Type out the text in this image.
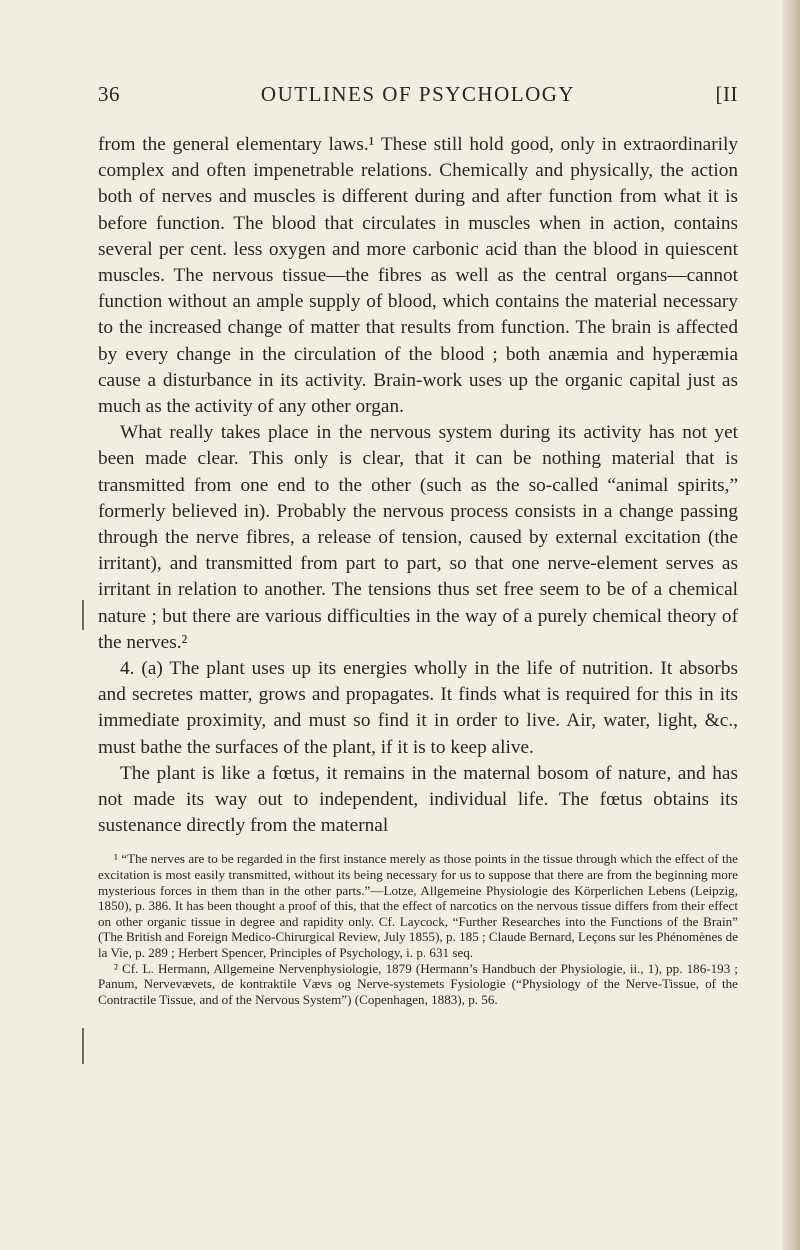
36	OUTLINES OF PSYCHOLOGY	[II

from the general elementary laws.¹ These still hold good, only in extraordinarily complex and often impenetrable relations. Chemically and physically, the action both of nerves and muscles is different during and after function from what it is before function. The blood that circulates in muscles when in action, contains several per cent. less oxygen and more carbonic acid than the blood in quiescent muscles. The nervous tissue—the fibres as well as the central organs—cannot function without an ample supply of blood, which contains the material necessary to the increased change of matter that results from function. The brain is affected by every change in the circulation of the blood ; both anæmia and hyperæmia cause a disturbance in its activity. Brain-work uses up the organic capital just as much as the activity of any other organ.

What really takes place in the nervous system during its activity has not yet been made clear. This only is clear, that it can be nothing material that is transmitted from one end to the other (such as the so-called “animal spirits,” formerly believed in). Probably the nervous process consists in a change passing through the nerve fibres, a release of tension, caused by external excitation (the irritant), and transmitted from part to part, so that one nerve-element serves as irritant in relation to another. The tensions thus set free seem to be of a chemical nature ; but there are various difficulties in the way of a purely chemical theory of the nerves.²

4. (a) The plant uses up its energies wholly in the life of nutrition. It absorbs and secretes matter, grows and propagates. It finds what is required for this in its immediate proximity, and must so find it in order to live. Air, water, light, &c., must bathe the surfaces of the plant, if it is to keep alive.

The plant is like a fœtus, it remains in the maternal bosom of nature, and has not made its way out to independent, individual life. The fœtus obtains its sustenance directly from the maternal

¹ “The nerves are to be regarded in the first instance merely as those points in the tissue through which the effect of the excitation is most easily transmitted, without its being necessary for us to suppose that there are from the beginning more mysterious forces in them than in the other parts.”—Lotze, Allgemeine Physiologie des Körperlichen Lebens (Leipzig, 1850), p. 386. It has been thought a proof of this, that the effect of narcotics on the nervous tissue differs from their effect on other organic tissue in degree and rapidity only. Cf. Laycock, “Further Researches into the Functions of the Brain” (The British and Foreign Medico-Chirurgical Review, July 1855), p. 185 ; Claude Bernard, Leçons sur les Phénomènes de la Vie, p. 289 ; Herbert Spencer, Principles of Psychology, i. p. 631 seq.

² Cf. L. Hermann, Allgemeine Nervenphysiologie, 1879 (Hermann’s Handbuch der Physiologie, ii., 1), pp. 186-193 ; Panum, Nervevævets, de kontraktile Vævs og Nerve-systemets Fysiologie (“Physiology of the Nerve-Tissue, of the Contractile Tissue, and of the Nervous System”) (Copenhagen, 1883), p. 56.
